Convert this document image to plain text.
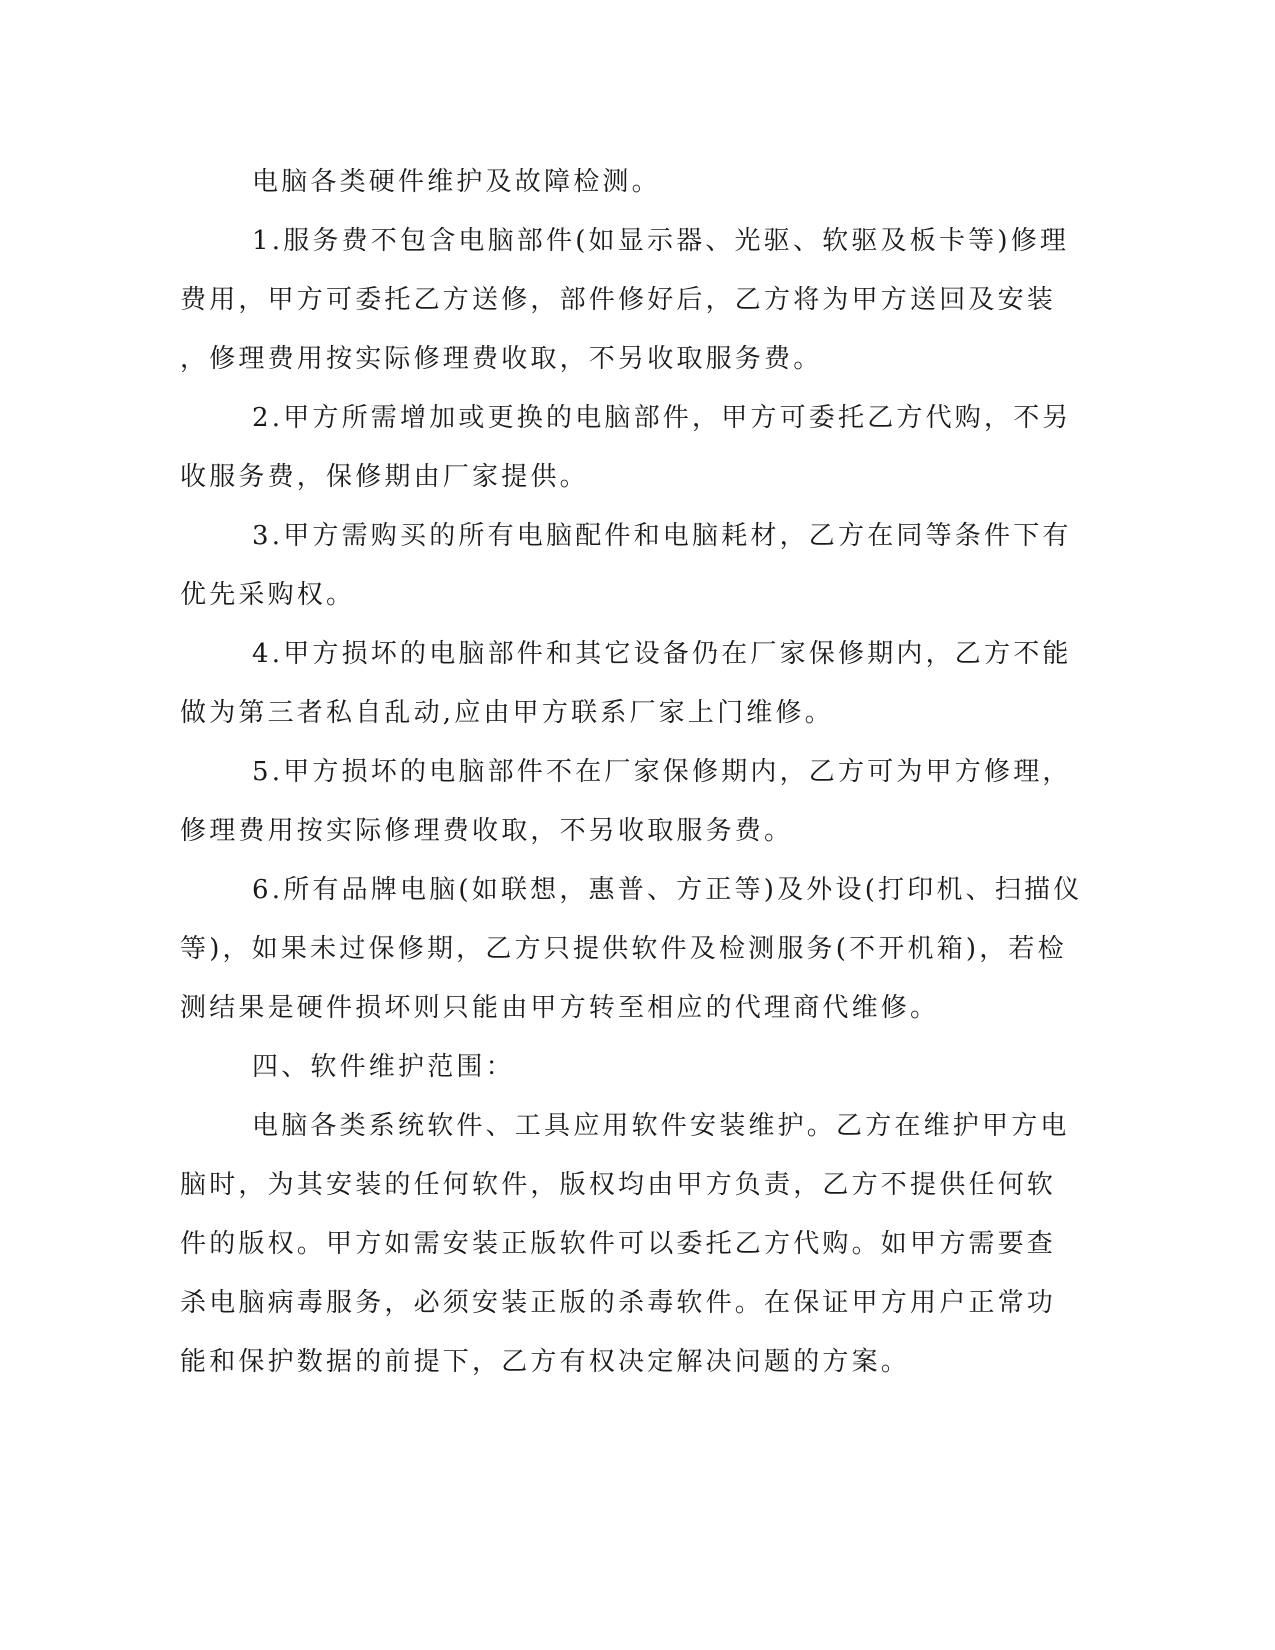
电脑各类硬件维护及故障检测。
1.服务费不包含电脑部件(如显示器、光驱、软驱及板卡等)修理
费用，甲方可委托乙方送修，部件修好后，乙方将为甲方送回及安装
，修理费用按实际修理费收取，不另收取服务费。
2.甲方所需增加或更换的电脑部件，甲方可委托乙方代购，不另
收服务费，保修期由厂家提供。
3.甲方需购买的所有电脑配件和电脑耗材，乙方在同等条件下有
优先采购权。
4.甲方损坏的电脑部件和其它设备仍在厂家保修期内，乙方不能
做为第三者私自乱动,应由甲方联系厂家上门维修。
5.甲方损坏的电脑部件不在厂家保修期内，乙方可为甲方修理，
修理费用按实际修理费收取，不另收取服务费。
6.所有品牌电脑(如联想，惠普、方正等)及外设(打印机、扫描仪
等)，如果未过保修期，乙方只提供软件及检测服务(不开机箱)，若检
测结果是硬件损坏则只能由甲方转至相应的代理商代维修。
四、软件维护范围：
电脑各类系统软件、工具应用软件安装维护。乙方在维护甲方电
脑时，为其安装的任何软件，版权均由甲方负责，乙方不提供任何软
件的版权。甲方如需安装正版软件可以委托乙方代购。如甲方需要查
杀电脑病毒服务，必须安装正版的杀毒软件。在保证甲方用户正常功
能和保护数据的前提下，乙方有权决定解决问题的方案。
